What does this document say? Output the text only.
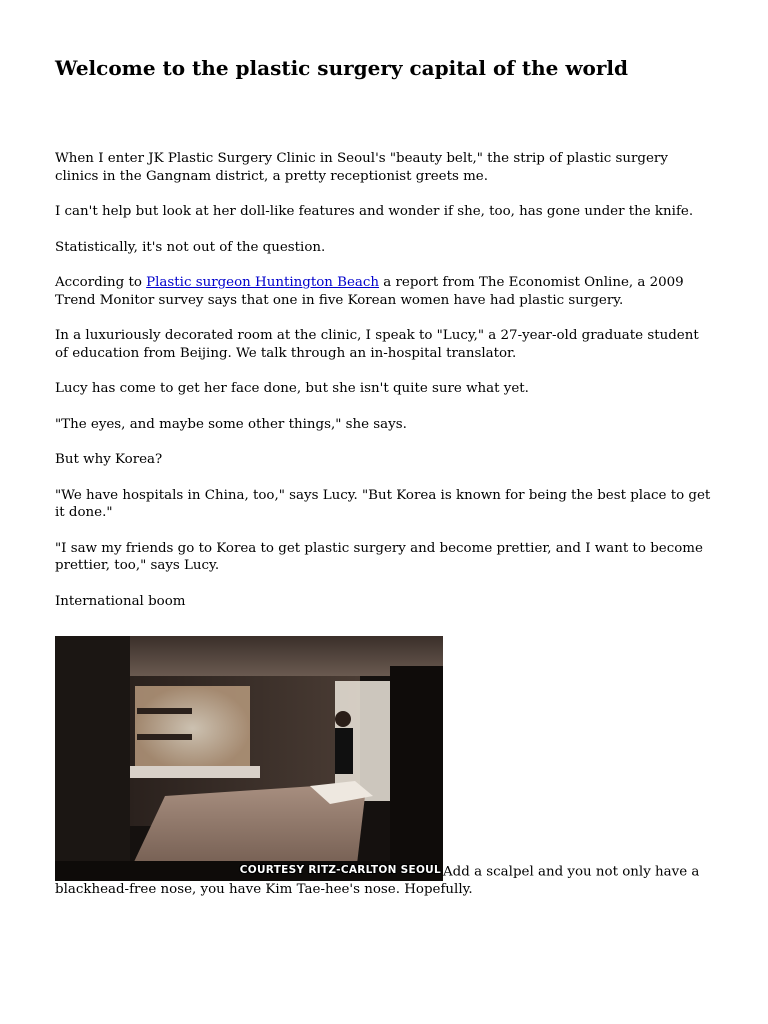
Welcome to the plastic surgery capital of the world

When I enter JK Plastic Surgery Clinic in Seoul's "beauty belt," the strip of plastic surgery clinics in the Gangnam district, a pretty receptionist greets me.

I can't help but look at her doll-like features and wonder if she, too, has gone under the knife.

Statistically, it's not out of the question.

According to Plastic surgeon Huntington Beach a report from The Economist Online, a 2009 Trend Monitor survey says that one in five Korean women have had plastic surgery.

In a luxuriously decorated room at the clinic, I speak to "Lucy," a 27-year-old graduate student of education from Beijing. We talk through an in-hospital translator.

Lucy has come to get her face done, but she isn't quite sure what yet.

"The eyes, and maybe some other things," she says.

But why Korea?

"We have hospitals in China, too," says Lucy. "But Korea is known for being the best place to get it done."

"I saw my friends go to Korea to get plastic surgery and become prettier, and I want to become prettier, too," says Lucy.

International boom

COURTESY RITZ-CARLTON SEOUL Add a scalpel and you not only have a blackhead-free nose, you have Kim Tae-hee's nose. Hopefully.
